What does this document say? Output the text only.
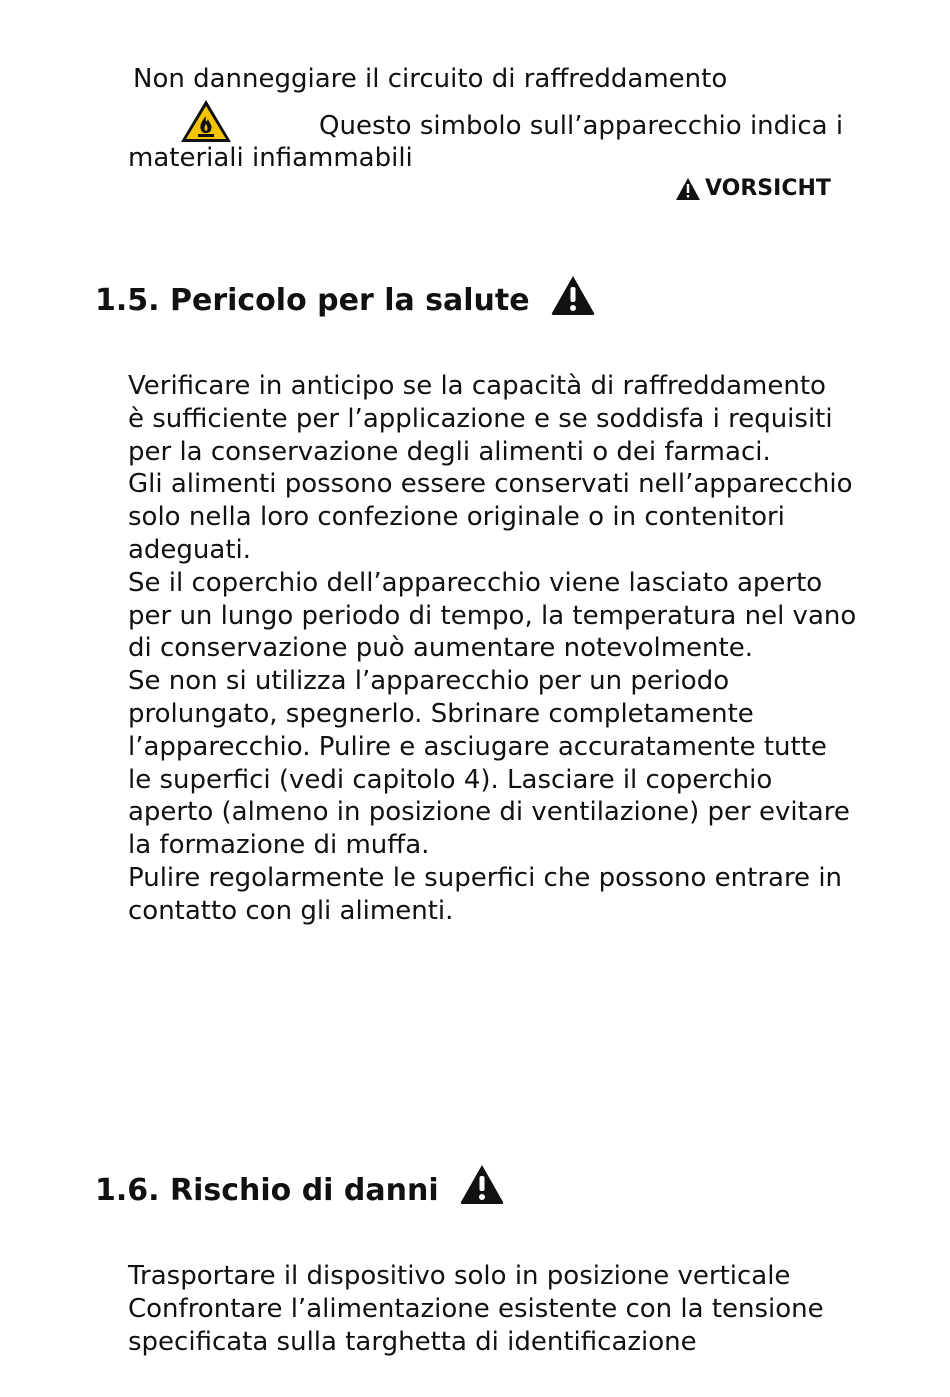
Non danneggiare il circuito di raffreddamento
Questo simbolo sull’apparecchio indica i
materiali infiammabili
VORSICHT
1.5. Pericolo per la salute

Verificare in anticipo se la capacità di raffreddamento

è sufficiente per l’applicazione e se soddisfa i requisiti

per la conservazione degli alimenti o dei farmaci.

Gli alimenti possono essere conservati nell’apparecchio

solo nella loro confezione originale o in contenitori

adeguati.

Se il coperchio dell’apparecchio viene lasciato aperto

per un lungo periodo di tempo, la temperatura nel vano

di conservazione può aumentare notevolmente.

Se non si utilizza l’apparecchio per un periodo

prolungato, spegnerlo. Sbrinare completamente

l’apparecchio. Pulire e asciugare accuratamente tutte

le superfici (vedi capitolo 4). Lasciare il coperchio

aperto (almeno in posizione di ventilazione) per evitare

la formazione di muffa.

Pulire regolarmente le superfici che possono entrare in

contatto con gli alimenti.

1.6. Rischio di danni

Trasportare il dispositivo solo in posizione verticale

Confrontare l’alimentazione esistente con la tensione

specificata sulla targhetta di identificazione
